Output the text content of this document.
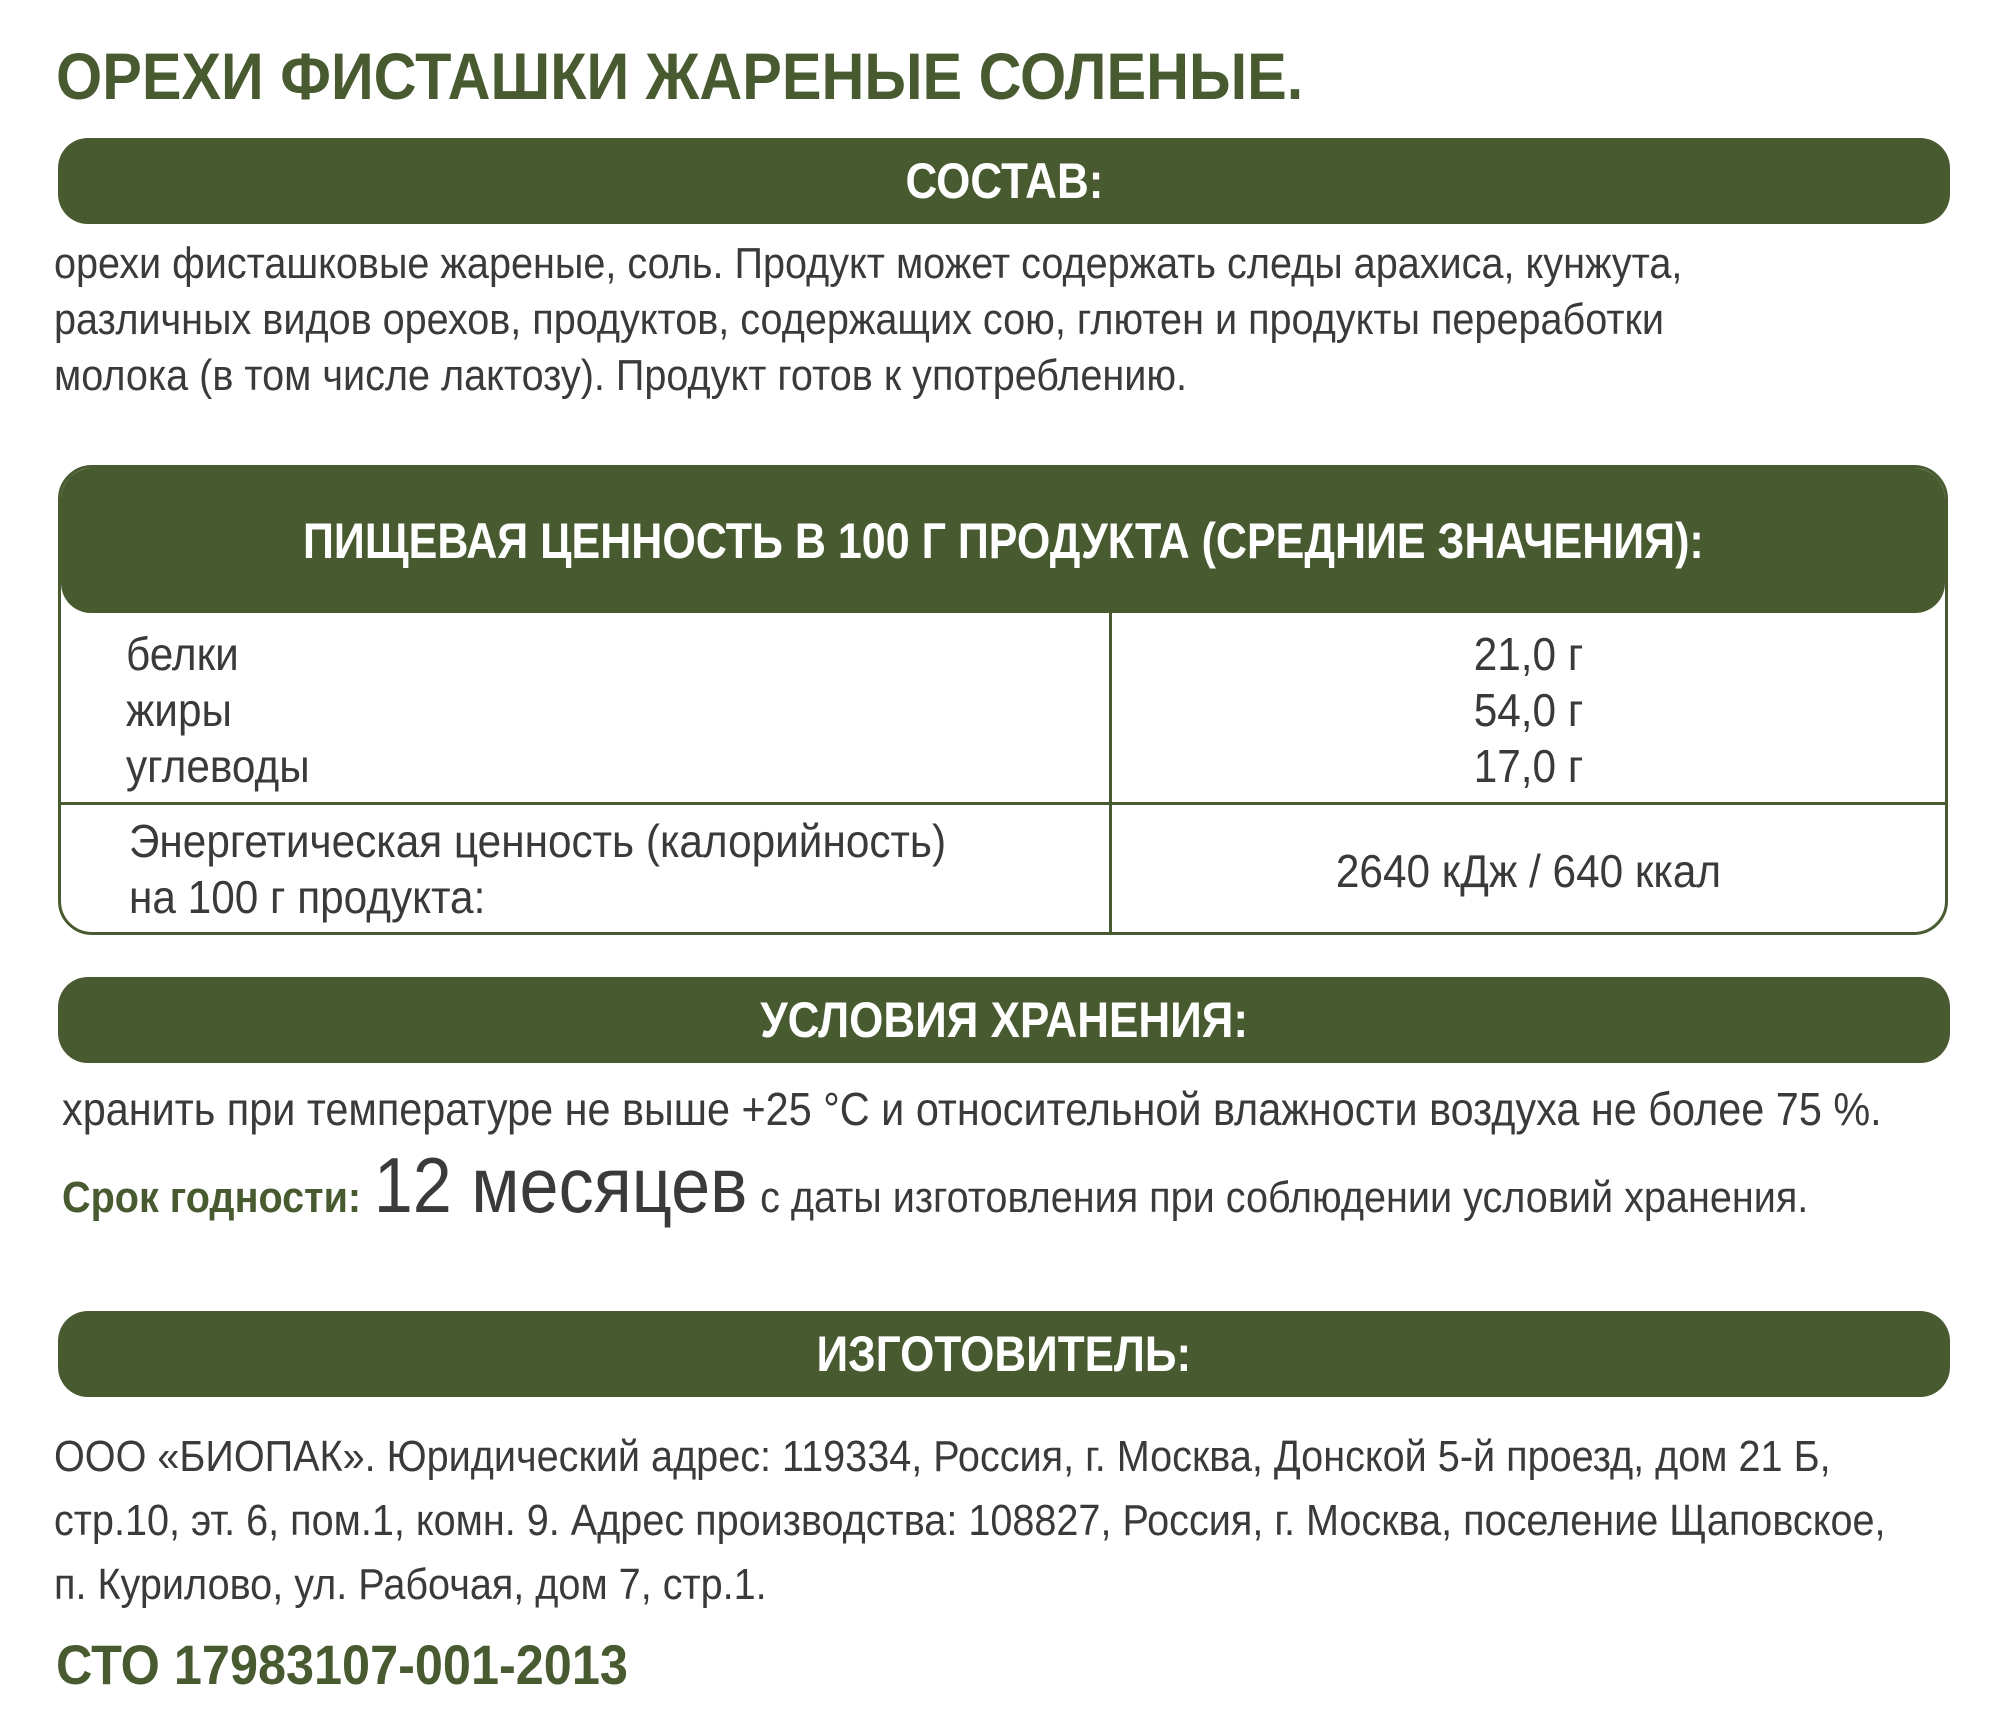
ОРЕХИ ФИСТАШКИ ЖАРЕНЫЕ СОЛЕНЫЕ.
СОСТАВ:
орехи фисташковые жареные, соль. Продукт может содержать следы арахиса, кунжута,
различных видов орехов, продуктов, содержащих сою, глютен и продукты переработки
молока (в том числе лактозу). Продукт готов к употреблению.
ПИЩЕВАЯ ЦЕННОСТЬ В 100 Г ПРОДУКТА (СРЕДНИЕ ЗНАЧЕНИЯ):
белки
жиры
углеводы
21,0 г
54,0 г
17,0 г
Энергетическая ценность (калорийность)
на 100 г продукта:	2640 кДж / 640 ккал
УСЛОВИЯ ХРАНЕНИЯ:
хранить при температуре не выше +25 °С и относительной влажности воздуха не более 75 %.
Срок годности: 12 месяцев с даты изготовления при соблюдении условий хранения.
ИЗГОТОВИТЕЛЬ:
ООО «БИОПАК». Юридический адрес: 119334, Россия, г. Москва, Донской 5-й проезд, дом 21 Б,
стр.10, эт. 6, пом.1, комн. 9. Адрес производства: 108827, Россия, г. Москва, поселение Щаповское,
п. Курилово, ул. Рабочая, дом 7, стр.1.
СТО 17983107-001-2013
